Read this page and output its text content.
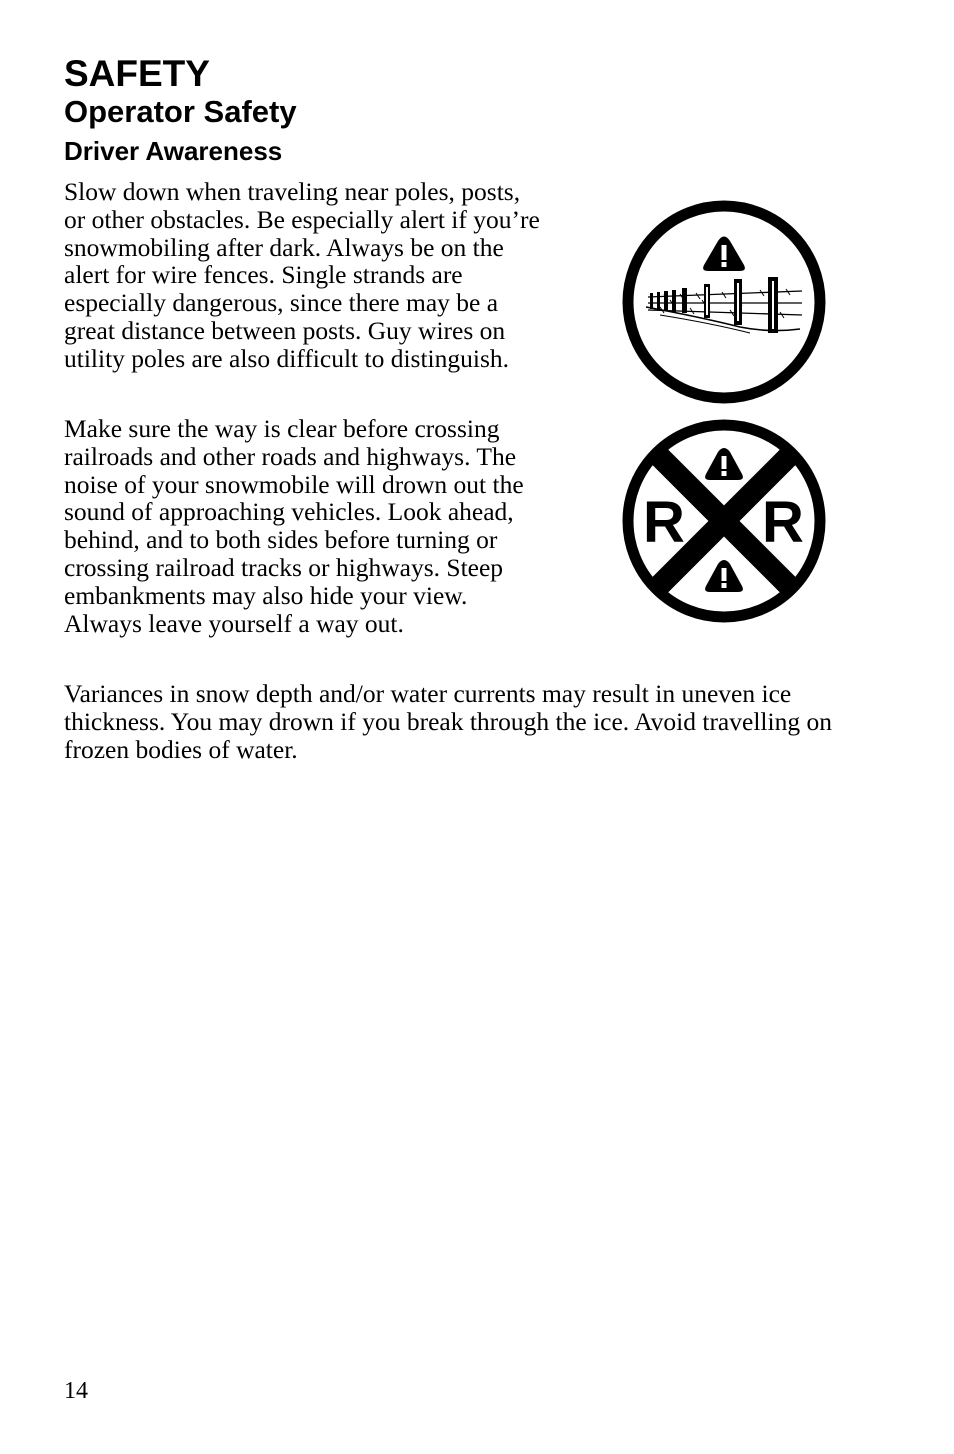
SAFETY
Operator Safety
Driver Awareness

Slow down when traveling near poles, posts, or other obstacles. Be especially alert if you’re snowmobiling after dark. Always be on the alert for wire fences. Single strands are especially dangerous, since there may be a great distance between posts. Guy wires on utility poles are also difficult to distinguish.

Make sure the way is clear before crossing railroads and other roads and highways. The noise of your snowmobile will drown out the sound of approaching vehicles. Look ahead, behind, and to both sides before turning or crossing railroad tracks or highways. Steep embankments may also hide your view. Always leave yourself a way out.

Variances in snow depth and/or water currents may result in uneven ice thickness. You may drown if you break through the ice. Avoid travelling on frozen bodies of water.

R R

14
